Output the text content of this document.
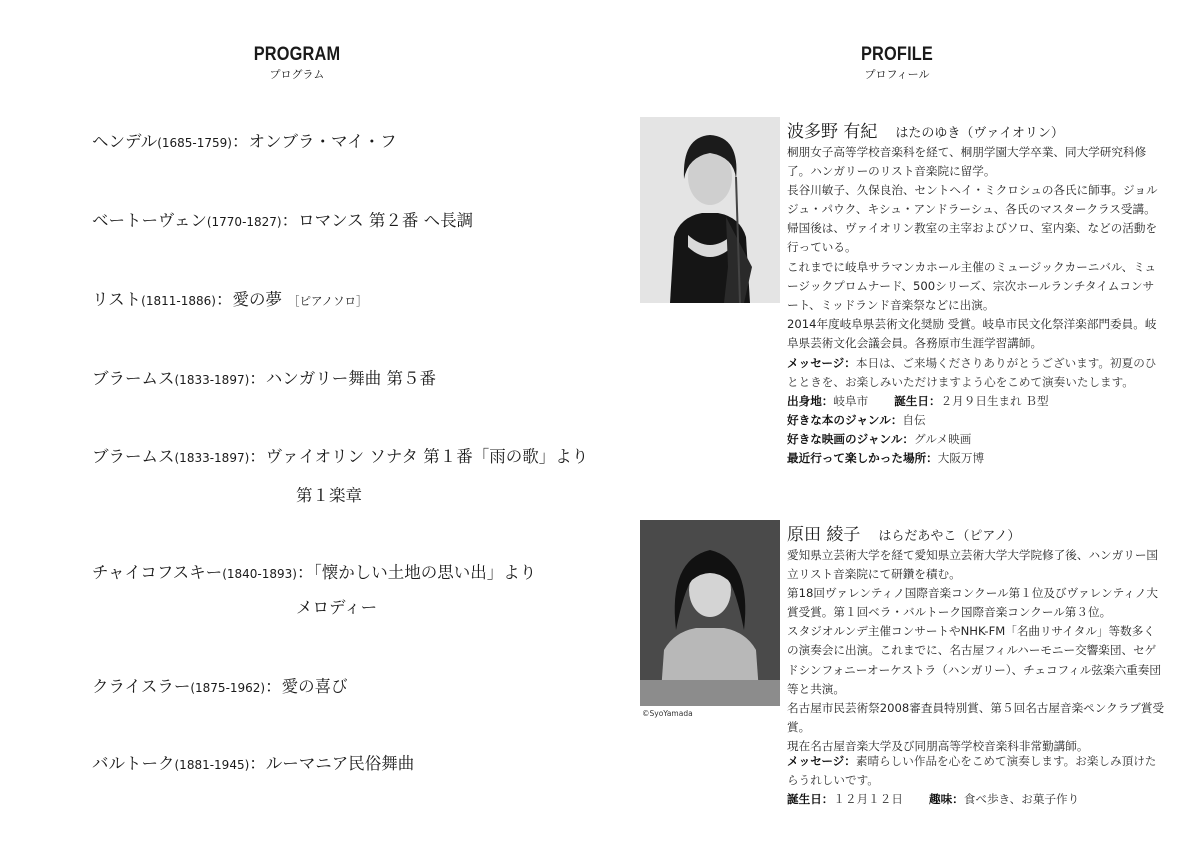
PROGRAM
プログラム
PROFILE
プロフィール
ヘンデル(1685-1759)：オンブラ・マイ・フ
ベートーヴェン(1770-1827)：ロマンス 第２番 ヘ長調
リスト(1811-1886)：愛の夢 ［ピアノソロ］
ブラームス(1833-1897)：ハンガリー舞曲 第５番
ブラームス(1833-1897)：ヴァイオリン ソナタ 第１番「雨の歌」より
第１楽章
チャイコフスキー(1840-1893)：「懐かしい土地の思い出」より
メロディー
クライスラー(1875-1962)：愛の喜び
バルトーク(1881-1945)：ルーマニア民俗舞曲
波多野 有紀 はたのゆき（ヴァイオリン）

桐朋女子高等学校音楽科を経て、桐朋学園大学卒業、同大学研究科修了。ハンガリーのリスト音楽院に留学。

長谷川敏子、久保良治、セントヘイ・ミクロシュの各氏に師事。ジョルジュ・パウク、キシュ・アンドラーシュ、各氏のマスタークラス受講。

帰国後は、ヴァイオリン教室の主宰およびソロ、室内楽、などの活動を行っている。

これまでに岐阜サラマンカホール主催のミュージックカーニバル、ミュージックプロムナード、500シリーズ、宗次ホールランチタイムコンサート、ミッドランド音楽祭などに出演。

2014年度岐阜県芸術文化奨励 受賞。岐阜市民文化祭洋楽部門委員。岐阜県芸術文化会議会員。各務原市生涯学習講師。

メッセージ：本日は、ご来場くださりありがとうございます。初夏のひとときを、お楽しみいただけますよう心をこめて演奏いたします。

出身地：岐阜市 誕生日：２月９日生まれ Ｂ型

好きな本のジャンル：自伝

好きな映画のジャンル：グルメ映画

最近行って楽しかった場所：大阪万博

©SyoYamada
原田 綾子 はらだあやこ（ピアノ）

愛知県立芸術大学を経て愛知県立芸術大学大学院修了後、ハンガリー国立リスト音楽院にて研鑽を積む。

第18回ヴァレンティノ国際音楽コンクール第１位及びヴァレンティノ大賞受賞。第１回ベラ・バルトーク国際音楽コンクール第３位。

スタジオルンデ主催コンサートやNHK-FM「名曲リサイタル」等数多くの演奏会に出演。これまでに、名古屋フィルハーモニー交響楽団、セゲドシンフォニーオーケストラ（ハンガリー）、チェコフィル弦楽六重奏団等と共演。

名古屋市民芸術祭2008審査員特別賞、第５回名古屋音楽ペンクラブ賞受賞。

現在名古屋音楽大学及び同朋高等学校音楽科非常勤講師。

メッセージ：素晴らしい作品を心をこめて演奏します。お楽しみ頂けたらうれしいです。

誕生日：１２月１２日 趣味：食べ歩き、お菓子作り
